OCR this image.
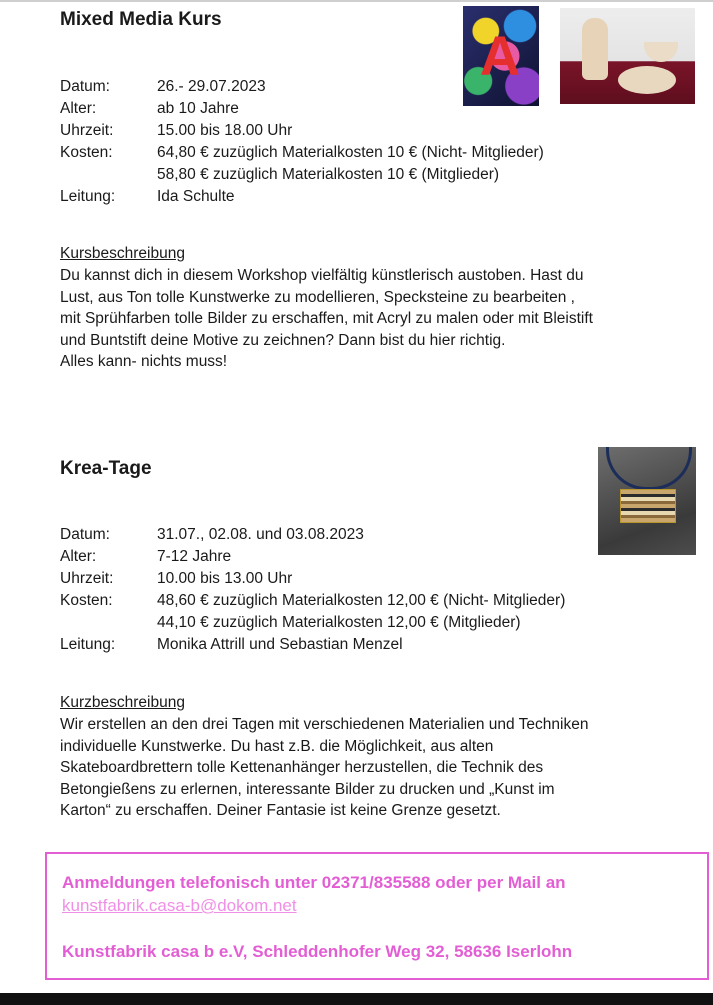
Mixed Media Kurs
A
Datum:	26.- 29.07.2023
Alter:	ab 10 Jahre
Uhrzeit:	15.00 bis 18.00 Uhr
Kosten:	64,80 € zuzüglich Materialkosten 10 € (Nicht- Mitglieder)
58,80 € zuzüglich Materialkosten 10 € (Mitglieder)
Leitung:	Ida Schulte
Kursbeschreibung
Du kannst dich in diesem Workshop vielfältig künstlerisch austoben. Hast du
Lust, aus Ton tolle Kunstwerke zu modellieren, Specksteine zu bearbeiten ,
mit Sprühfarben tolle Bilder zu erschaffen, mit Acryl zu malen oder mit Bleistift
und Buntstift deine Motive zu zeichnen? Dann bist du hier richtig.
Alles kann- nichts muss!
Krea-Tage
Datum:	31.07., 02.08. und 03.08.2023
Alter:	7-12 Jahre
Uhrzeit:	10.00 bis 13.00 Uhr
Kosten:	48,60 € zuzüglich Materialkosten 12,00 € (Nicht- Mitglieder)
44,10 € zuzüglich Materialkosten 12,00 € (Mitglieder)
Leitung:	Monika Attrill und Sebastian Menzel
Kurzbeschreibung
Wir erstellen an den drei Tagen mit verschiedenen Materialien und Techniken
individuelle Kunstwerke. Du hast z.B. die Möglichkeit, aus alten
Skateboardbrettern tolle Kettenanhänger herzustellen, die Technik des
Betongießens zu erlernen, interessante Bilder zu drucken und „Kunst im
Karton“ zu erschaffen. Deiner Fantasie ist keine Grenze gesetzt.
Anmeldungen telefonisch unter 02371/835588 oder per Mail an
kunstfabrik.casa-b@dokom.net
Kunstfabrik casa b e.V, Schleddenhofer Weg 32, 58636 Iserlohn
